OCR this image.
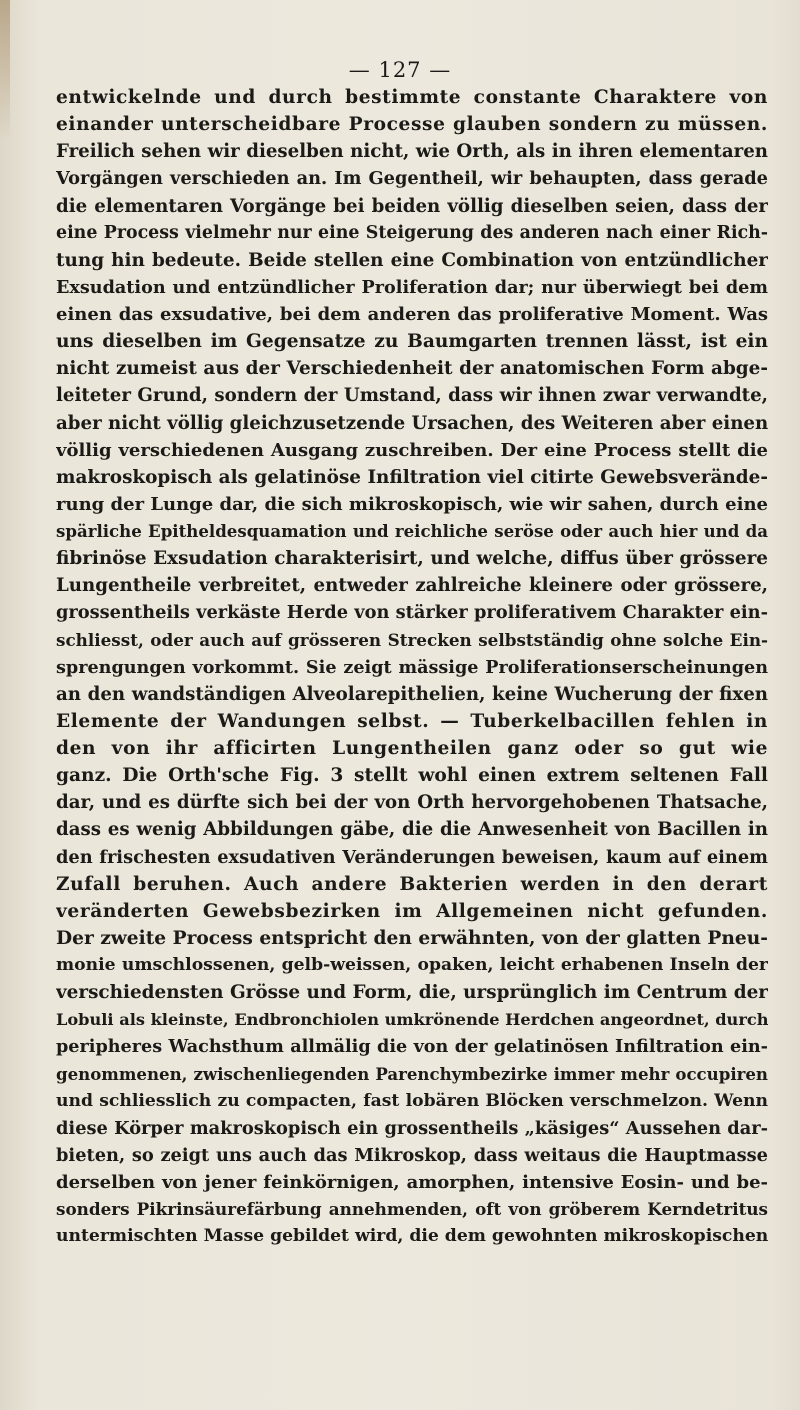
— 127 —
entwickelnde und durch bestimmte constante Charaktere von
einander unterscheidbare Processe glauben sondern zu müssen.
Freilich sehen wir dieselben nicht, wie Orth, als in ihren elementaren
Vorgängen verschieden an. Im Gegentheil, wir behaupten, dass gerade
die elementaren Vorgänge bei beiden völlig dieselben seien, dass der
eine Process vielmehr nur eine Steigerung des anderen nach einer Rich-
tung hin bedeute. Beide stellen eine Combination von entzündlicher
Exsudation und entzündlicher Proliferation dar; nur überwiegt bei dem
einen das exsudative, bei dem anderen das proliferative Moment. Was
uns dieselben im Gegensatze zu Baumgarten trennen lässt, ist ein
nicht zumeist aus der Verschiedenheit der anatomischen Form abge-
leiteter Grund, sondern der Umstand, dass wir ihnen zwar verwandte,
aber nicht völlig gleichzusetzende Ursachen, des Weiteren aber einen
völlig verschiedenen Ausgang zuschreiben. Der eine Process stellt die
makroskopisch als gelatinöse Infiltration viel citirte Gewebsverände-
rung der Lunge dar, die sich mikroskopisch, wie wir sahen, durch eine
spärliche Epitheldesquamation und reichliche seröse oder auch hier und da
fibrinöse Exsudation charakterisirt, und welche, diffus über grössere
Lungentheile verbreitet, entweder zahlreiche kleinere oder grössere,
grossentheils verkäste Herde von stärker proliferativem Charakter ein-
schliesst, oder auch auf grösseren Strecken selbstständig ohne solche Ein-
sprengungen vorkommt. Sie zeigt mässige Proliferationserscheinungen
an den wandständigen Alveolarepithelien, keine Wucherung der fixen
Elemente der Wandungen selbst. — Tuberkelbacillen fehlen in
den von ihr afficirten Lungentheilen ganz oder so gut wie
ganz. Die Orth'sche Fig. 3 stellt wohl einen extrem seltenen Fall
dar, und es dürfte sich bei der von Orth hervorgehobenen Thatsache,
dass es wenig Abbildungen gäbe, die die Anwesenheit von Bacillen in
den frischesten exsudativen Veränderungen beweisen, kaum auf einem
Zufall beruhen. Auch andere Bakterien werden in den derart
veränderten Gewebsbezirken im Allgemeinen nicht gefunden.
Der zweite Process entspricht den erwähnten, von der glatten Pneu-
monie umschlossenen, gelb-weissen, opaken, leicht erhabenen Inseln der
verschiedensten Grösse und Form, die, ursprünglich im Centrum der
Lobuli als kleinste, Endbronchiolen umkrönende Herdchen angeordnet, durch
peripheres Wachsthum allmälig die von der gelatinösen Infiltration ein-
genommenen, zwischenliegenden Parenchymbezirke immer mehr occupiren
und schliesslich zu compacten, fast lobären Blöcken verschmelzon. Wenn
diese Körper makroskopisch ein grossentheils „käsiges“ Aussehen dar-
bieten, so zeigt uns auch das Mikroskop, dass weitaus die Hauptmasse
derselben von jener feinkörnigen, amorphen, intensive Eosin- und be-
sonders Pikrinsäurefärbung annehmenden, oft von gröberem Kerndetritus
untermischten Masse gebildet wird, die dem gewohnten mikroskopischen
